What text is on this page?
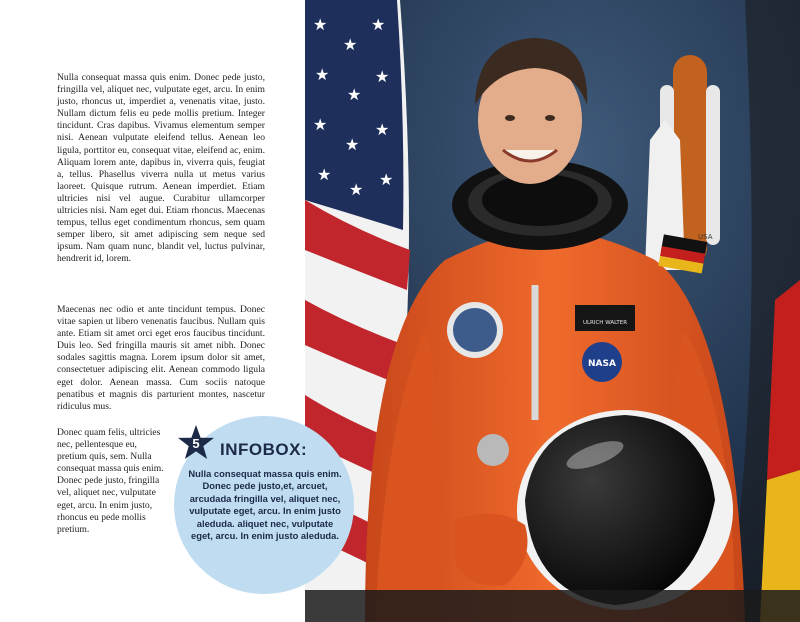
Nulla consequat massa quis enim. Donec pede justo, fringilla vel, aliquet nec, vulputate eget, arcu. In enim justo, rhoncus ut, imperdiet a, venenatis vitae, justo. Nullam dictum felis eu pede mollis pretium. Integer tincidunt. Cras dapibus. Vivamus elementum semper nisi. Aenean vulputate eleifend tellus. Aenean leo ligula, porttitor eu, consequat vitae, eleifend ac, enim. Aliquam lorem ante, dapibus in, viverra quis, feugiat a, tellus. Phasellus viverra nulla ut metus varius laoreet. Quisque rutrum. Aenean imperdiet. Etiam ultricies nisi vel augue. Curabitur ullamcorper ultricies nisi. Nam eget dui. Etiam rhoncus. Maecenas tempus, tellus eget condimentum rhoncus, sem quam semper libero, sit amet adipiscing sem neque sed ipsum. Nam quam nunc, blandit vel, luctus pulvinar, hendrerit id, lorem.
Maecenas nec odio et ante tincidunt tempus. Donec vitae sapien ut libero venenatis faucibus. Nullam quis ante. Etiam sit amet orci eget eros faucibus tincidunt. Duis leo. Sed fringilla mauris sit amet nibh. Donec sodales sagittis magna. Lorem ipsum dolor sit amet, consectetuer adipiscing elit. Aenean commodo ligula eget dolor. Aenean massa. Cum sociis natoque penatibus et magnis dis parturient montes, nascetur ridiculus mus.
Donec quam felis, ultricies nec, pellentesque eu, pretium quis, sem. Nulla consequat massa quis enim. Donec pede justo, fringilla vel, aliquet nec, vulputate eget, arcu. In enim justo, rhoncus eu pede mollis pretium.
★
★
★
★
★
★
★
★
★
★
★
★
USA
ULRICH WALTER
NASA
5	INFOBOX:
Nulla consequat massa quis enim. Donec pede justo,et, arcuet, arcudada fringilla vel, aliquet nec, vulputate eget, arcu. In enim justo aleduda. aliquet nec, vulputate eget, arcu. In enim justo aleduda.
